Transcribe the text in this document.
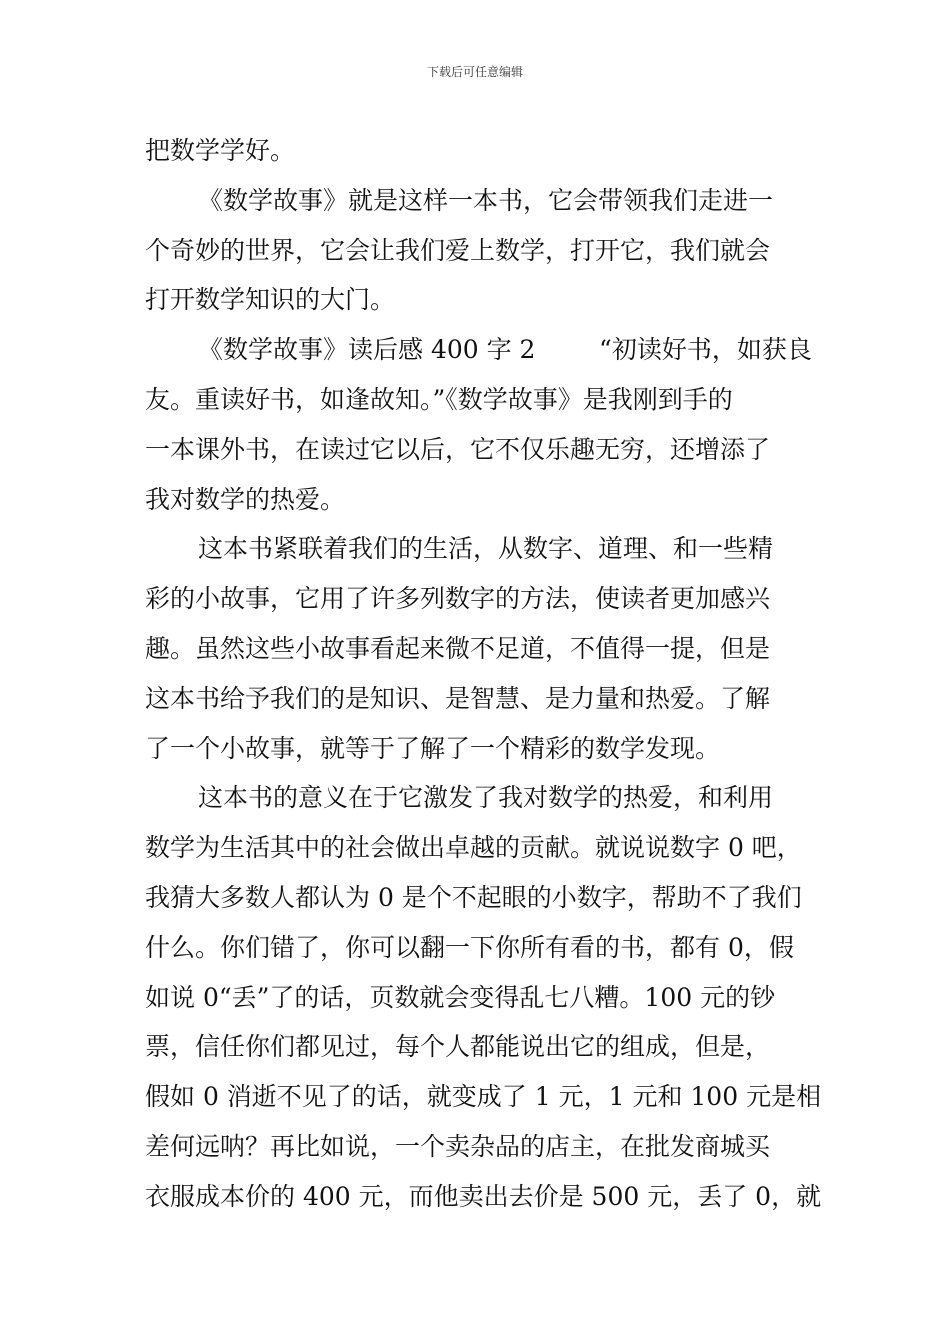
下载后可任意编辑
把数学学好。
《数学故事》就是这样一本书，它会带领我们走进一
个奇妙的世界，它会让我们爱上数学，打开它，我们就会
打开数学知识的大门。
《数学故事》读后感 400 字 2        “初读好书，如获良
友。重读好书，如逢故知。”《数学故事》是我刚到手的
一本课外书，在读过它以后，它不仅乐趣无穷，还增添了
我对数学的热爱。
这本书紧联着我们的生活，从数字、道理、和一些精
彩的小故事，它用了许多列数字的方法，使读者更加感兴
趣。虽然这些小故事看起来微不足道，不值得一提，但是
这本书给予我们的是知识、是智慧、是力量和热爱。了解
了一个小故事，就等于了解了一个精彩的数学发现。
这本书的意义在于它激发了我对数学的热爱，和利用
数学为生活其中的社会做出卓越的贡献。就说说数字 0 吧，
我猜大多数人都认为 0 是个不起眼的小数字，帮助不了我们
什么。你们错了，你可以翻一下你所有看的书，都有 0，假
如说 0“丢”了的话，页数就会变得乱七八糟。100 元的钞
票，信任你们都见过，每个人都能说出它的组成，但是，
假如 0 消逝不见了的话，就变成了 1 元，1 元和 100 元是相
差何远呐？再比如说，一个卖杂品的店主，在批发商城买
衣服成本价的 400 元，而他卖出去价是 500 元，丢了 0，就
